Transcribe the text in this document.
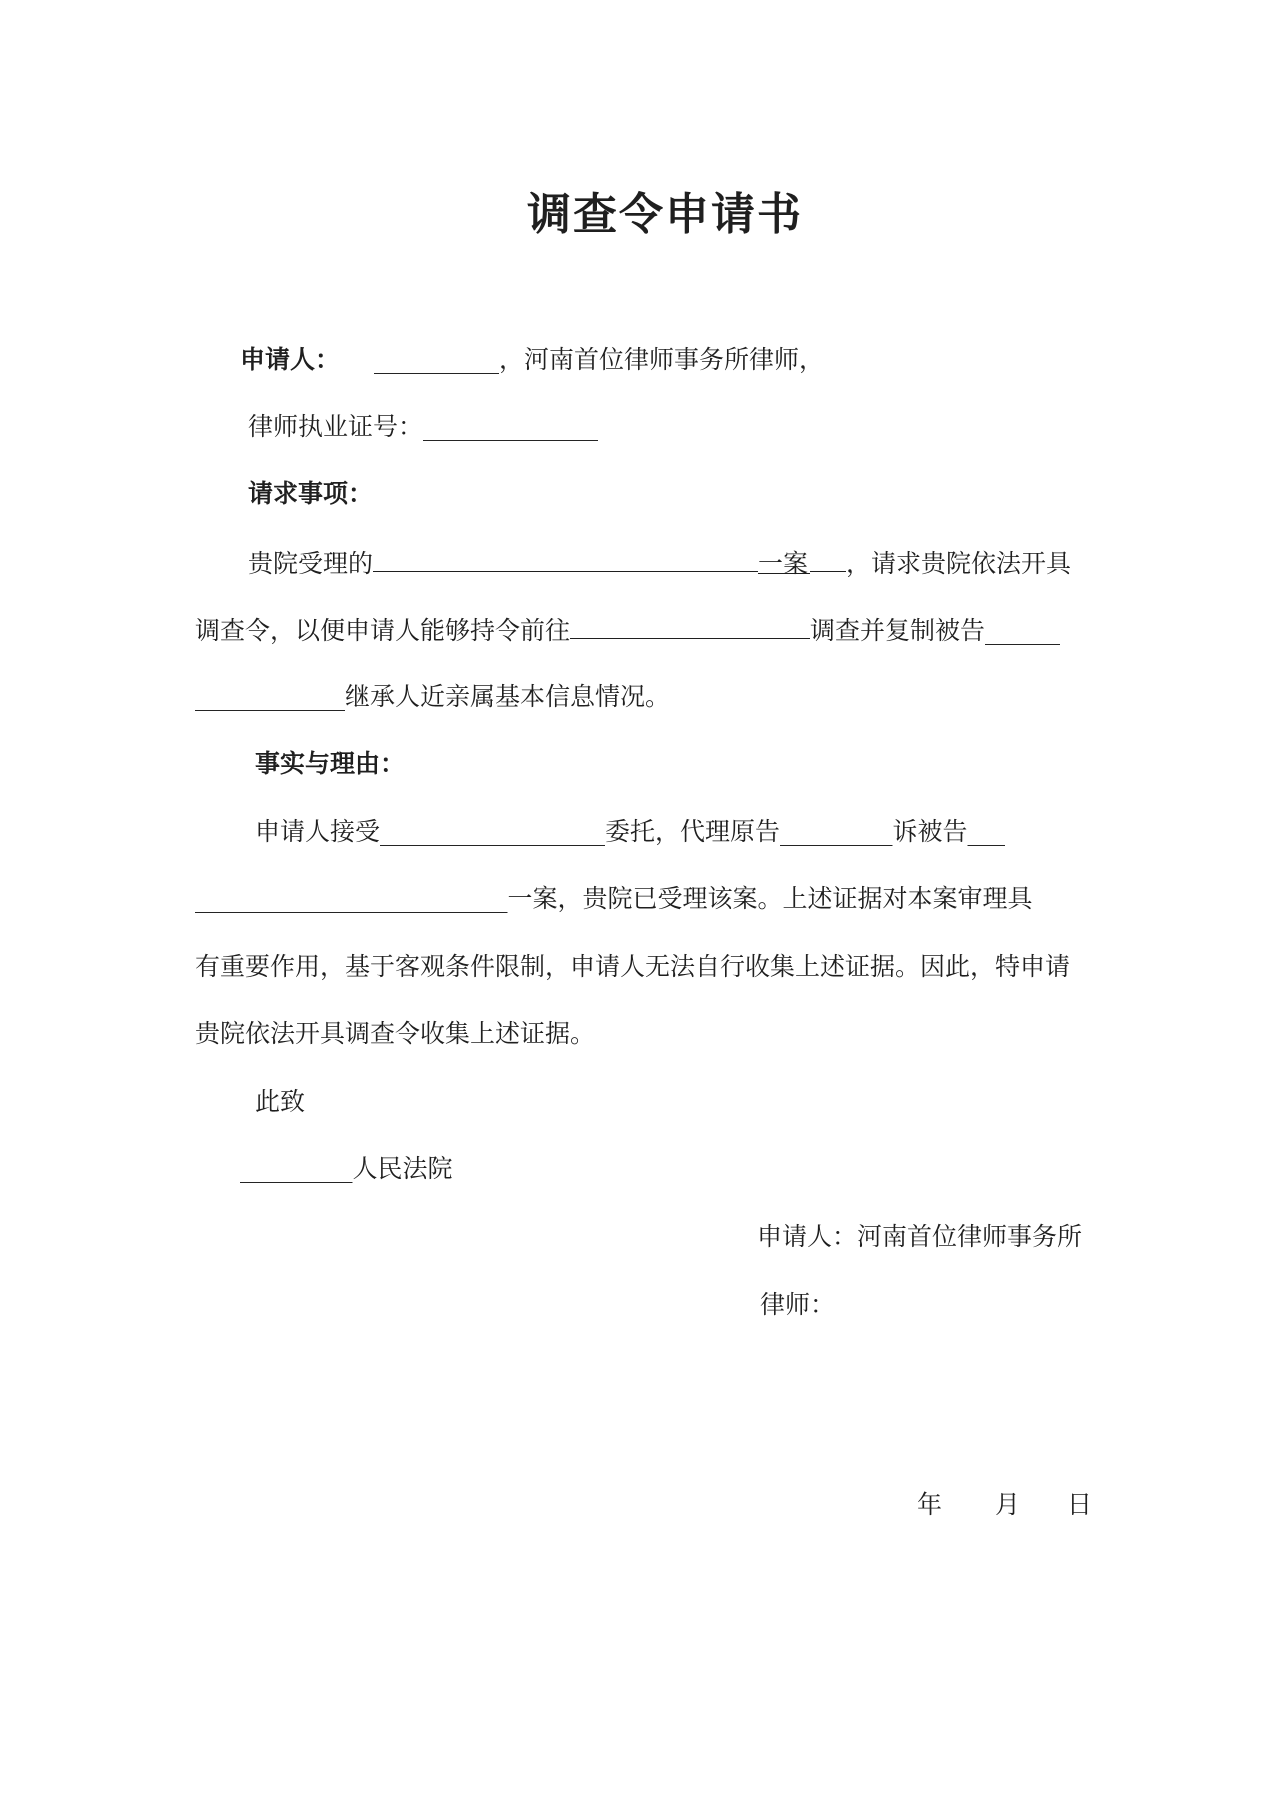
调查令申请书
申请人： __________，河南首位律师事务所律师，
律师执业证号：______________
请求事项：
贵院受理的	一案 ，请求贵院依法开具
调查令，以便申请人能够持令前往	调查并复制被告______
____________继承人近亲属基本信息情况。
事实与理由：
申请人接受__________________委托，代理原告_________诉被告___
_________________________一案，贵院已受理该案。上述证据对本案审理具
有重要作用，基于客观条件限制，申请人无法自行收集上述证据。因此，特申请
贵院依法开具调查令收集上述证据。
此致
_________人民法院
申请人：河南首位律师事务所
律师：
年 月 日
